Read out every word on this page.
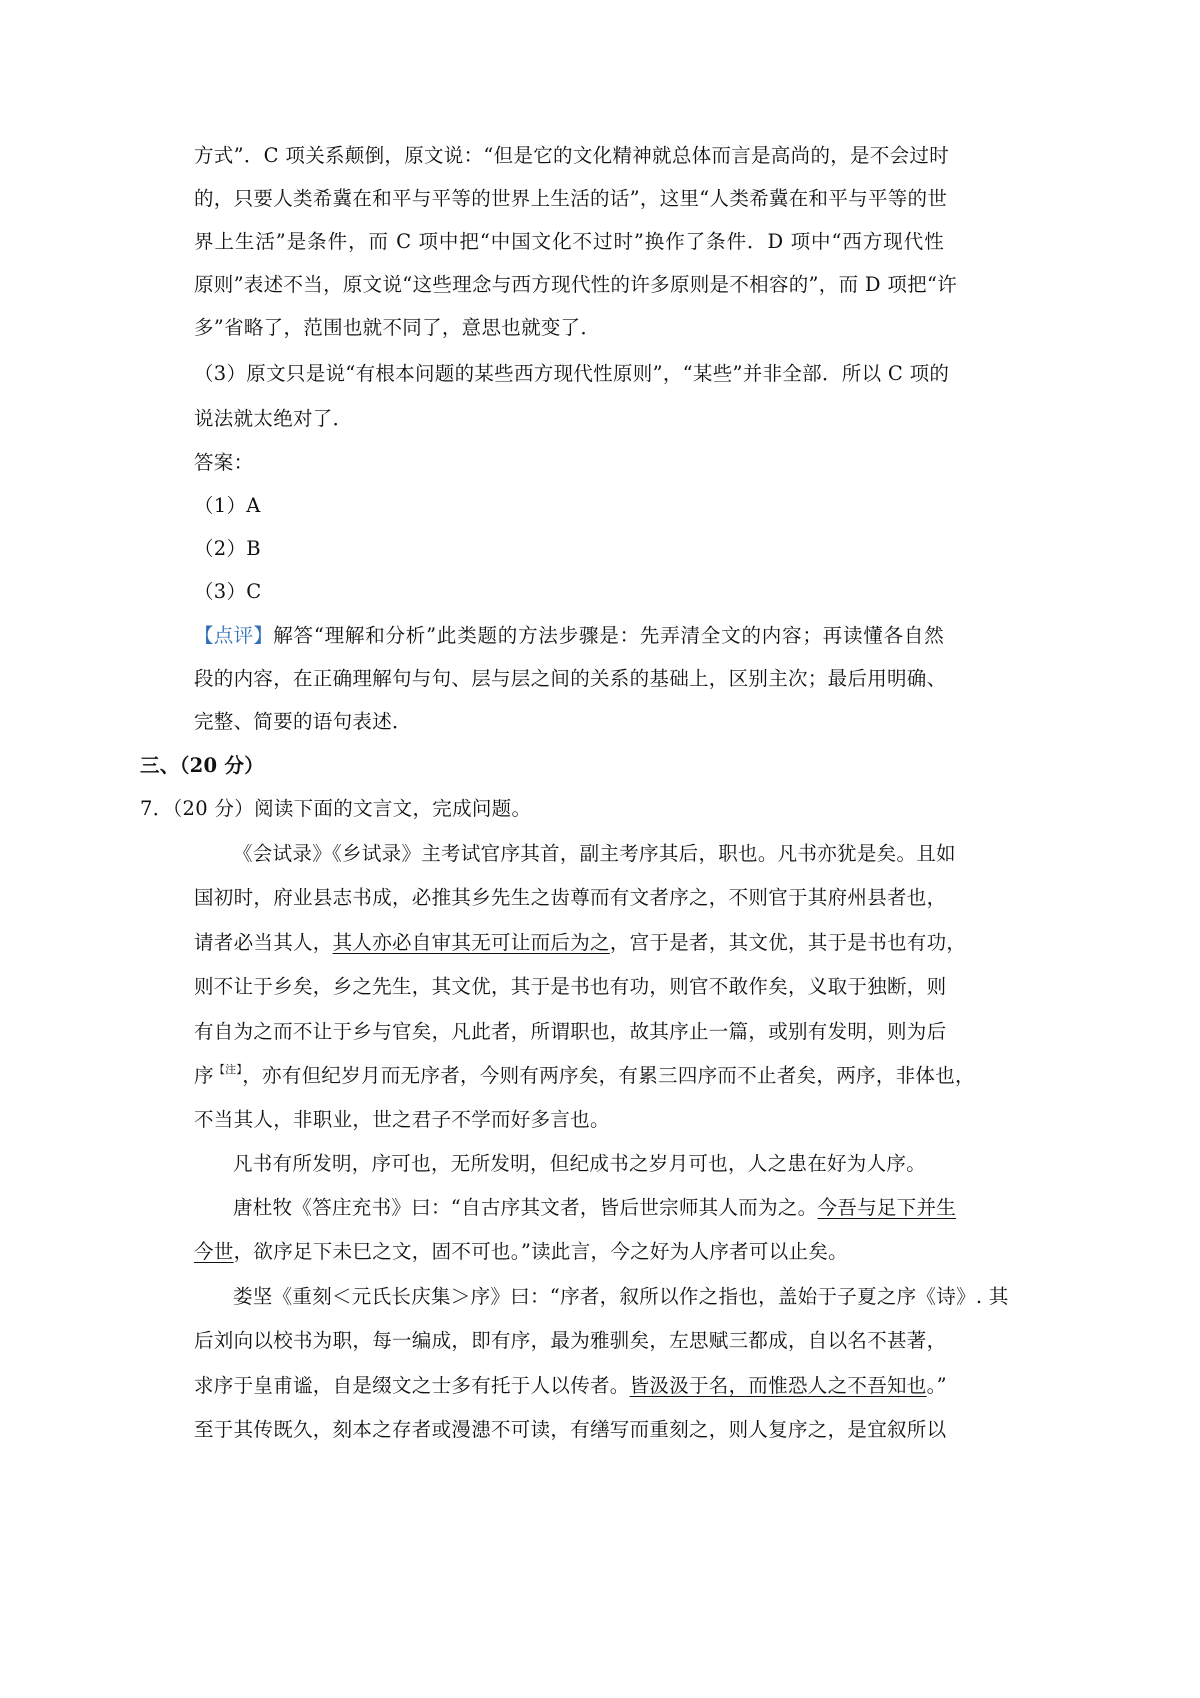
方式”．C 项关系颠倒，原文说：“但是它的文化精神就总体而言是高尚的，是不会过时
的，只要人类希冀在和平与平等的世界上生活的话”，这里“人类希冀在和平与平等的世
界上生活”是条件，而 C 项中把“中国文化不过时”换作了条件．D 项中“西方现代性
原则”表述不当，原文说“这些理念与西方现代性的许多原则是不相容的”，而 D 项把“许
多”省略了，范围也就不同了，意思也就变了．
（3）原文只是说“有根本问题的某些西方现代性原则”，“某些”并非全部．所以 C 项的
说法就太绝对了．
答案：
（1）A
（2）B
（3）C
【点评】 解答“理解和分析”此类题的方法步骤是：先弄清全文的内容；再读懂各自然
段的内容，在正确理解句与句、层与层之间的关系的基础上，区别主次；最后用明确、
完整、简要的语句表述．
三、（20 分）
7．（20 分）阅读下面的文言文，完成问题。
《会试录》《乡试录》主考试官序其首，副主考序其后，职也。凡书亦犹是矣。且如
国初时，府业县志书成，必推其乡先生之齿尊而有文者序之，不则官于其府州县者也，
请者必当其人，其人亦必自审其无可让而后为之，宫于是者，其文优，其于是书也有功，
则不让于乡矣，乡之先生，其文优，其于是书也有功，则官不敢作矣，义取于独断，则
有自为之而不让于乡与官矣，凡此者，所谓职也，故其序止一篇，或别有发明，则为后
序$^{【注】}$，亦有但纪岁月而无序者，今则有两序矣，有累三四序而不止者矣，两序，非体也，
不当其人，非职业，世之君子不学而好多言也。
凡书有所发明，序可也，无所发明，但纪成书之岁月可也，人之患在好为人序。
唐杜牧《答庄充书》曰：“自古序其文者，皆后世宗师其人而为之。今吾与足下并生
今世，欲序足下未巳之文，固不可也。”读此言，今之好为人序者可以止矣。
娄坚《重刻＜元氏长庆集＞序》曰：“序者，叙所以作之指也，盖始于子夏之序《诗》. 其
后刘向以校书为职，每一编成，即有序，最为雅驯矣，左思赋三都成，自以名不甚著，
求序于皇甫谧，自是缀文之士多有托于人以传者。皆汲汲于名，而惟恐人之不吾知也。”
至于其传既久，刻本之存者或漫漶不可读，有缮写而重刻之，则人复序之，是宜叙所以
